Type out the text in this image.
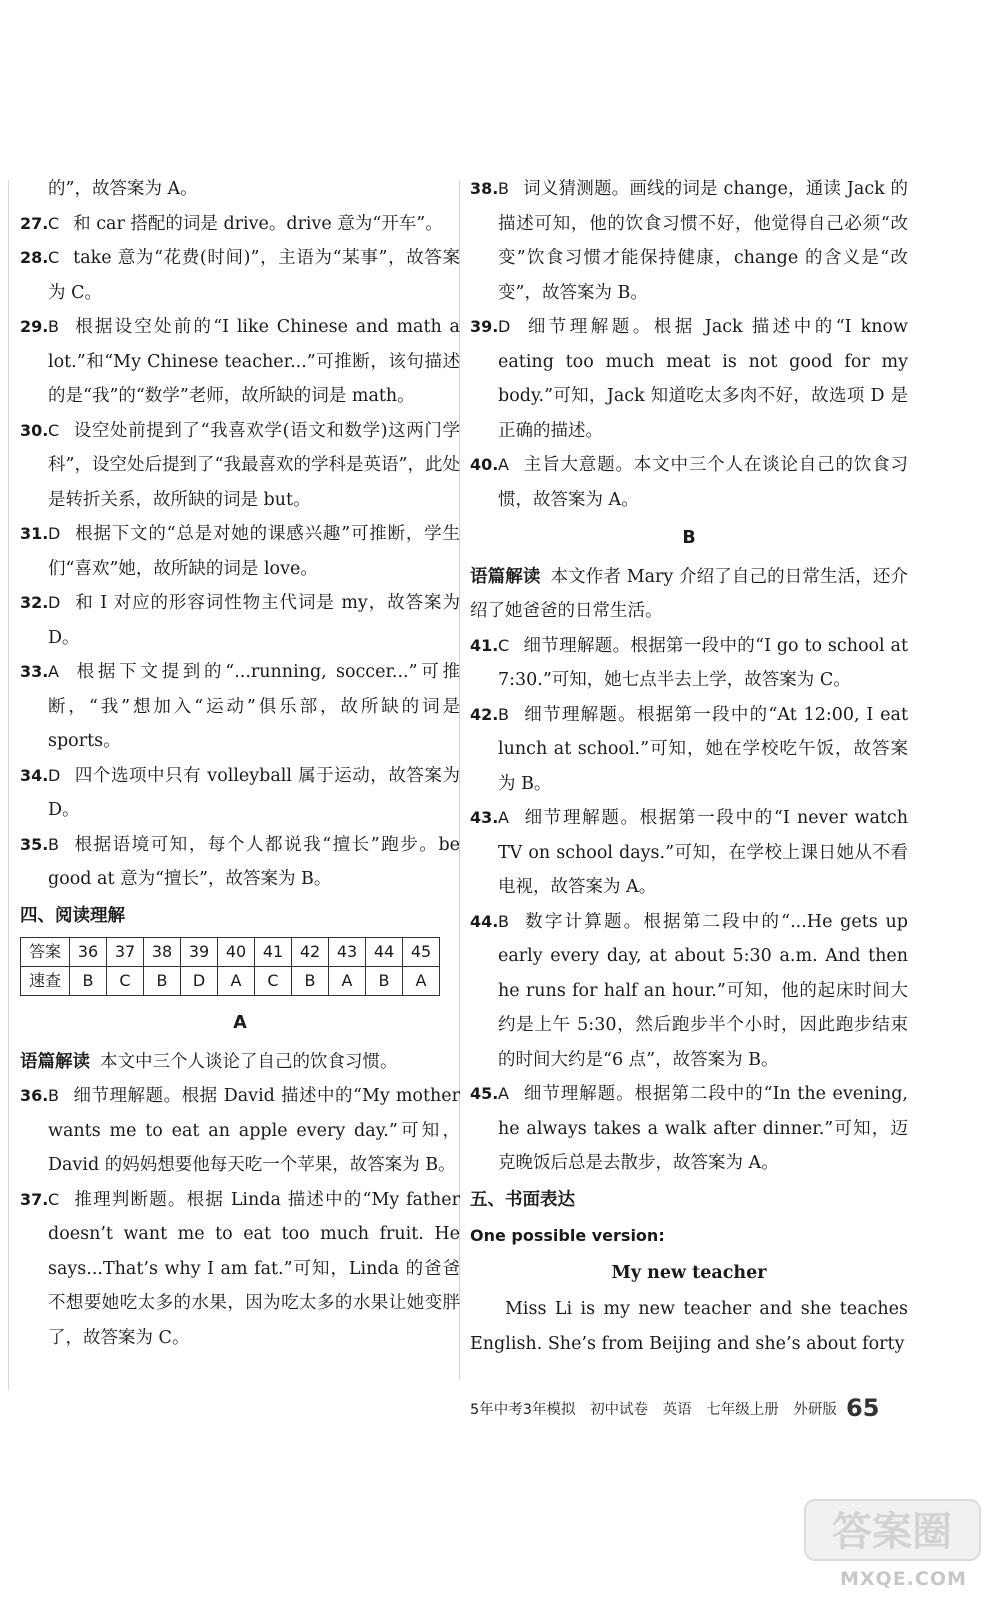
的”，故答案为 A。
27. C 和 car 搭配的词是 drive。drive 意为“开车”。
28. C take 意为“花费(时间)”，主语为“某事”，故答案为 C。
29. B 根据设空处前的“I like Chinese and math a lot.”和“My Chinese teacher...”可推断，该句描述的是“我”的“数学”老师，故所缺的词是 math。
30. C 设空处前提到了“我喜欢学(语文和数学)这两门学科”，设空处后提到了“我最喜欢的学科是英语”，此处是转折关系，故所缺的词是 but。
31. D 根据下文的“总是对她的课感兴趣”可推断，学生们“喜欢”她，故所缺的词是 love。
32. D 和 I 对应的形容词性物主代词是 my，故答案为 D。
33. A 根据下文提到的“...running, soccer...”可推断，“我”想加入“运动”俱乐部，故所缺的词是 sports。
34. D 四个选项中只有 volleyball 属于运动，故答案为 D。
35. B 根据语境可知，每个人都说我“擅长”跑步。be good at 意为“擅长”，故答案为 B。
四、阅读理解
答案	36	37	38	39	40	41	42	43	44	45
速查	B	C	B	D	A	C	B	A	B	A
A
语篇解读 本文中三个人谈论了自己的饮食习惯。
36. B 细节理解题。根据 David 描述中的“My mother wants me to eat an apple every day.”可知，David 的妈妈想要他每天吃一个苹果，故答案为 B。
37. C 推理判断题。根据 Linda 描述中的“My father doesn’t want me to eat too much fruit. He says...That’s why I am fat.”可知，Linda 的爸爸不想要她吃太多的水果，因为吃太多的水果让她变胖了，故答案为 C。
38. B 词义猜测题。画线的词是 change，通读 Jack 的描述可知，他的饮食习惯不好，他觉得自己必须“改变”饮食习惯才能保持健康，change 的含义是“改变”，故答案为 B。
39. D 细节理解题。根据 Jack 描述中的“I know eating too much meat is not good for my body.”可知，Jack 知道吃太多肉不好，故选项 D 是正确的描述。
40. A 主旨大意题。本文中三个人在谈论自己的饮食习惯，故答案为 A。
B
语篇解读 本文作者 Mary 介绍了自己的日常生活，还介绍了她爸爸的日常生活。
41. C 细节理解题。根据第一段中的“I go to school at 7:30.”可知，她七点半去上学，故答案为 C。
42. B 细节理解题。根据第一段中的“At 12:00, I eat lunch at school.”可知，她在学校吃午饭，故答案为 B。
43. A 细节理解题。根据第一段中的“I never watch TV on school days.”可知，在学校上课日她从不看电视，故答案为 A。
44. B 数字计算题。根据第二段中的“...He gets up early every day, at about 5:30 a.m. And then he runs for half an hour.”可知，他的起床时间大约是上午 5:30，然后跑步半个小时，因此跑步结束的时间大约是“6 点”，故答案为 B。
45. A 细节理解题。根据第二段中的“In the evening, he always takes a walk after dinner.”可知，迈克晚饭后总是去散步，故答案为 A。
五、书面表达
One possible version:
My new teacher
Miss Li is my new teacher and she teaches English. She’s from Beijing and she’s about forty
5年中考3年模拟 初中试卷 英语 七年级上册 外研版 65
答案圈
MXQE.COM
